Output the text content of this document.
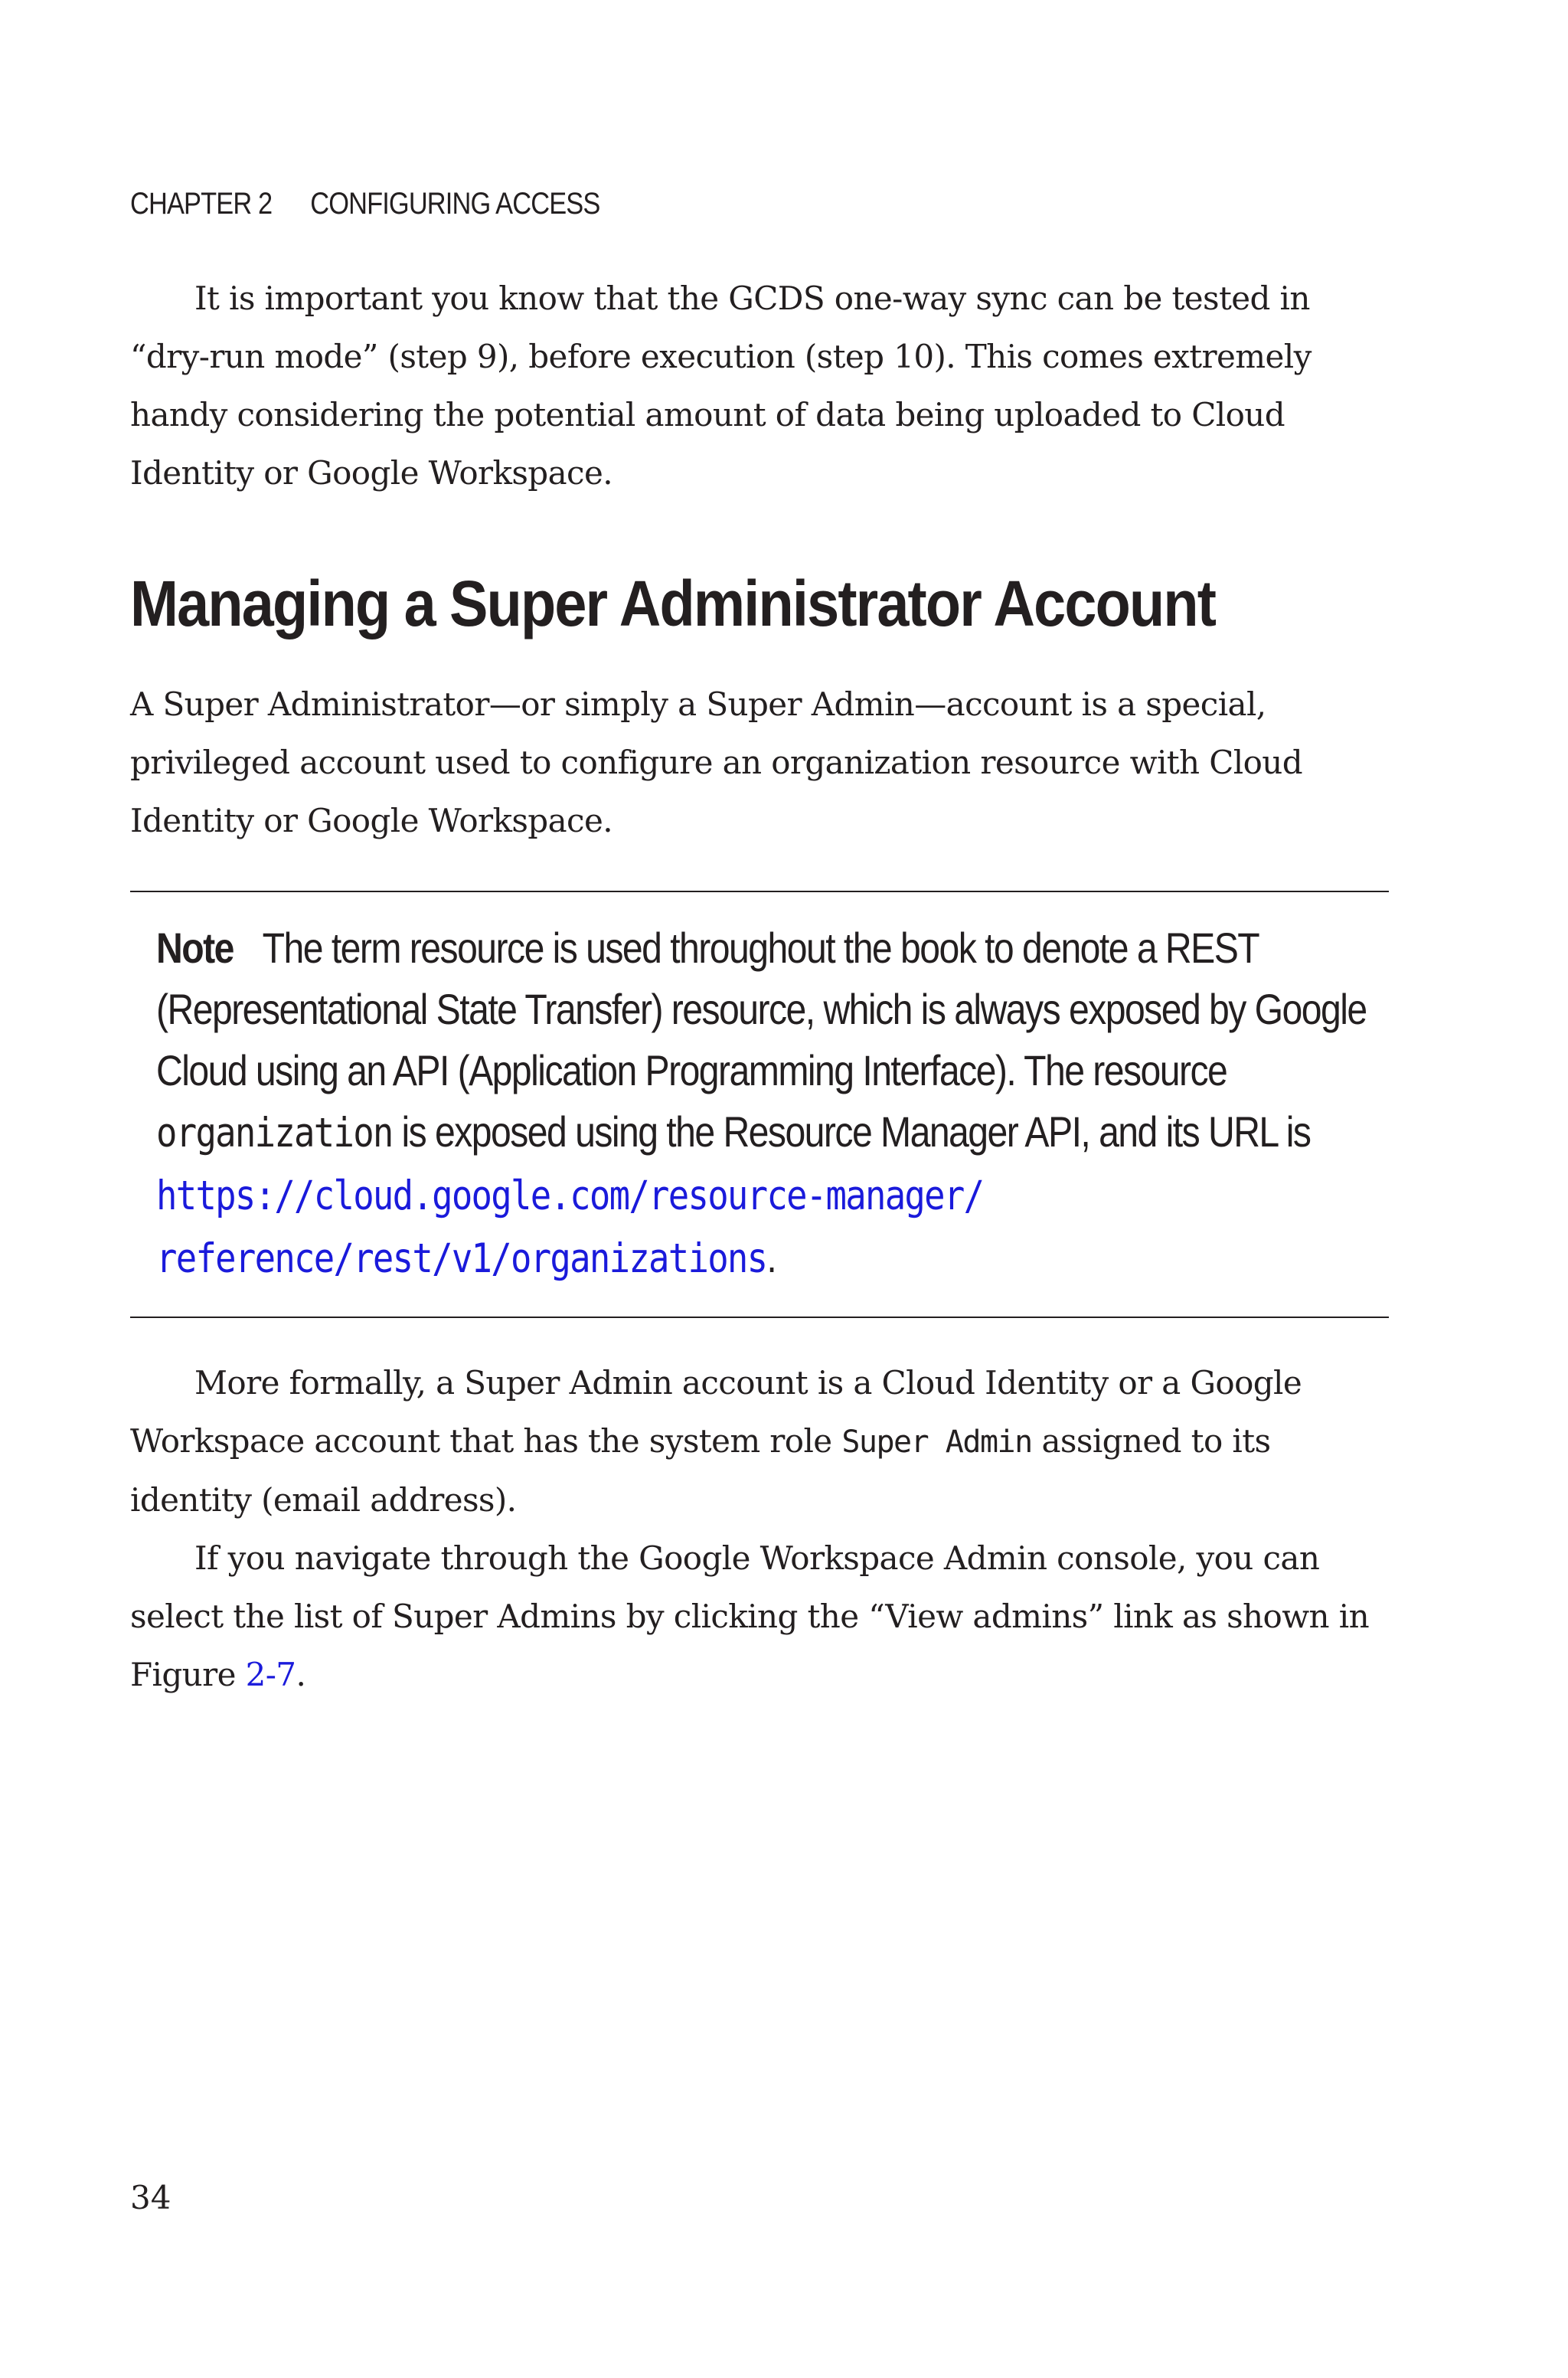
CHAPTER 2 CONFIGURING ACCESS

It is important you know that the GCDS one-way sync can be tested in “dry-run mode” (step 9), before execution (step 10). This comes extremely handy considering the potential amount of data being uploaded to Cloud Identity or Google Workspace.

Managing a Super Administrator Account

A Super Administrator—or simply a Super Admin—account is a special, privileged account used to configure an organization resource with Cloud Identity or Google Workspace.

Note The term resource is used throughout the book to denote a REST (Representational State Transfer) resource, which is always exposed by Google Cloud using an API (Application Programming Interface). The resource organization is exposed using the Resource Manager API, and its URL is https://cloud.google.com/resource-manager/
reference/rest/v1/organizations.

More formally, a Super Admin account is a Cloud Identity or a Google Workspace account that has the system role Super Admin assigned to its identity (email address).

If you navigate through the Google Workspace Admin console, you can select the list of Super Admins by clicking the “View admins” link as shown in Figure 2-7.

34
